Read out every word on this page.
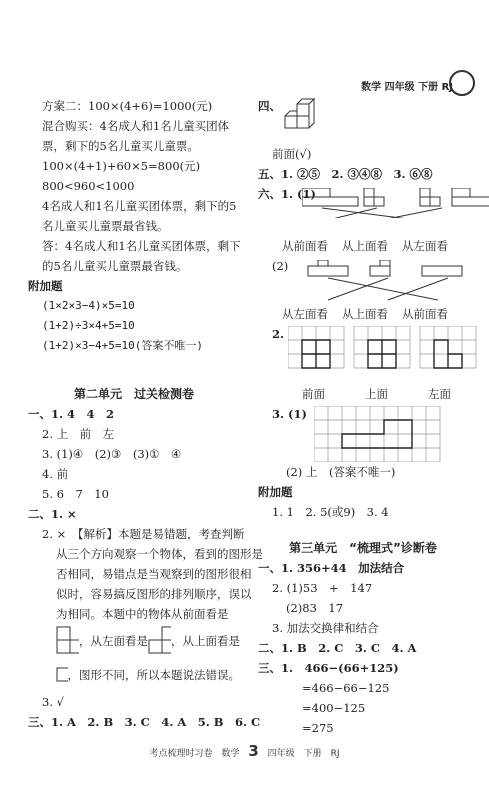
数学 四年级 下册 RJ
方案二：100×(4+6)=1000(元)
混合购买：4名成人和1名儿童买团体
票，剩下的5名儿童买儿童票。
100×(4+1)+60×5=800(元)
800<960<1000
4名成人和1名儿童买团体票，剩下的5
名儿童买儿童票最省钱。
答：4名成人和1名儿童买团体票，剩下
的5名儿童买儿童票最省钱。
附加题
(1×2×3−4)×5=10
(1+2)÷3×4+5=10
(1+2)×3−4+5=10(答案不唯一)
第二单元　过关检测卷
一、1. 4　4　2
2. 上　前　左
3. (1)④　(2)③　(3)①　④
4. 前
5. 6　7　10
二、1. ×
2. ×　【解析】本题是易错题，考查判断
从三个方向观察一个物体，看到的图形是
否相同，易错点是当观察到的图形很相
似时，容易搞反图形的排列顺序，误以
为相同。本题中的物体从前面看是
，从左面看是 ，从上面看是
，图形不同，所以本题说法错误。
3. √
三、1. A　2. B　3. C　4. A　5. B　6. C
四、
前面(√)
五、1. ②⑤　2. ③④⑧　3. ⑥⑧
六、1. (1)
从前面看 从上面看 从左面看
(2)
从左面看 从上面看 从前面看
2.
前面	上面	左面
3. (1)
(2) 上　(答案不唯一)
附加题
1. 1　2. 5(或9)　3. 4
第三单元　“梳理式”诊断卷
一、1. 356+44　加法结合
2. (1)53　+　147
(2)83　17
3. 加法交换律和结合
二、1. B　2. C　3. C　4. A
三、1.　466−(66+125)
=466−66−125
=400−125
=275
考点梳理时习卷　数学 3 四年级　下册　RJ
